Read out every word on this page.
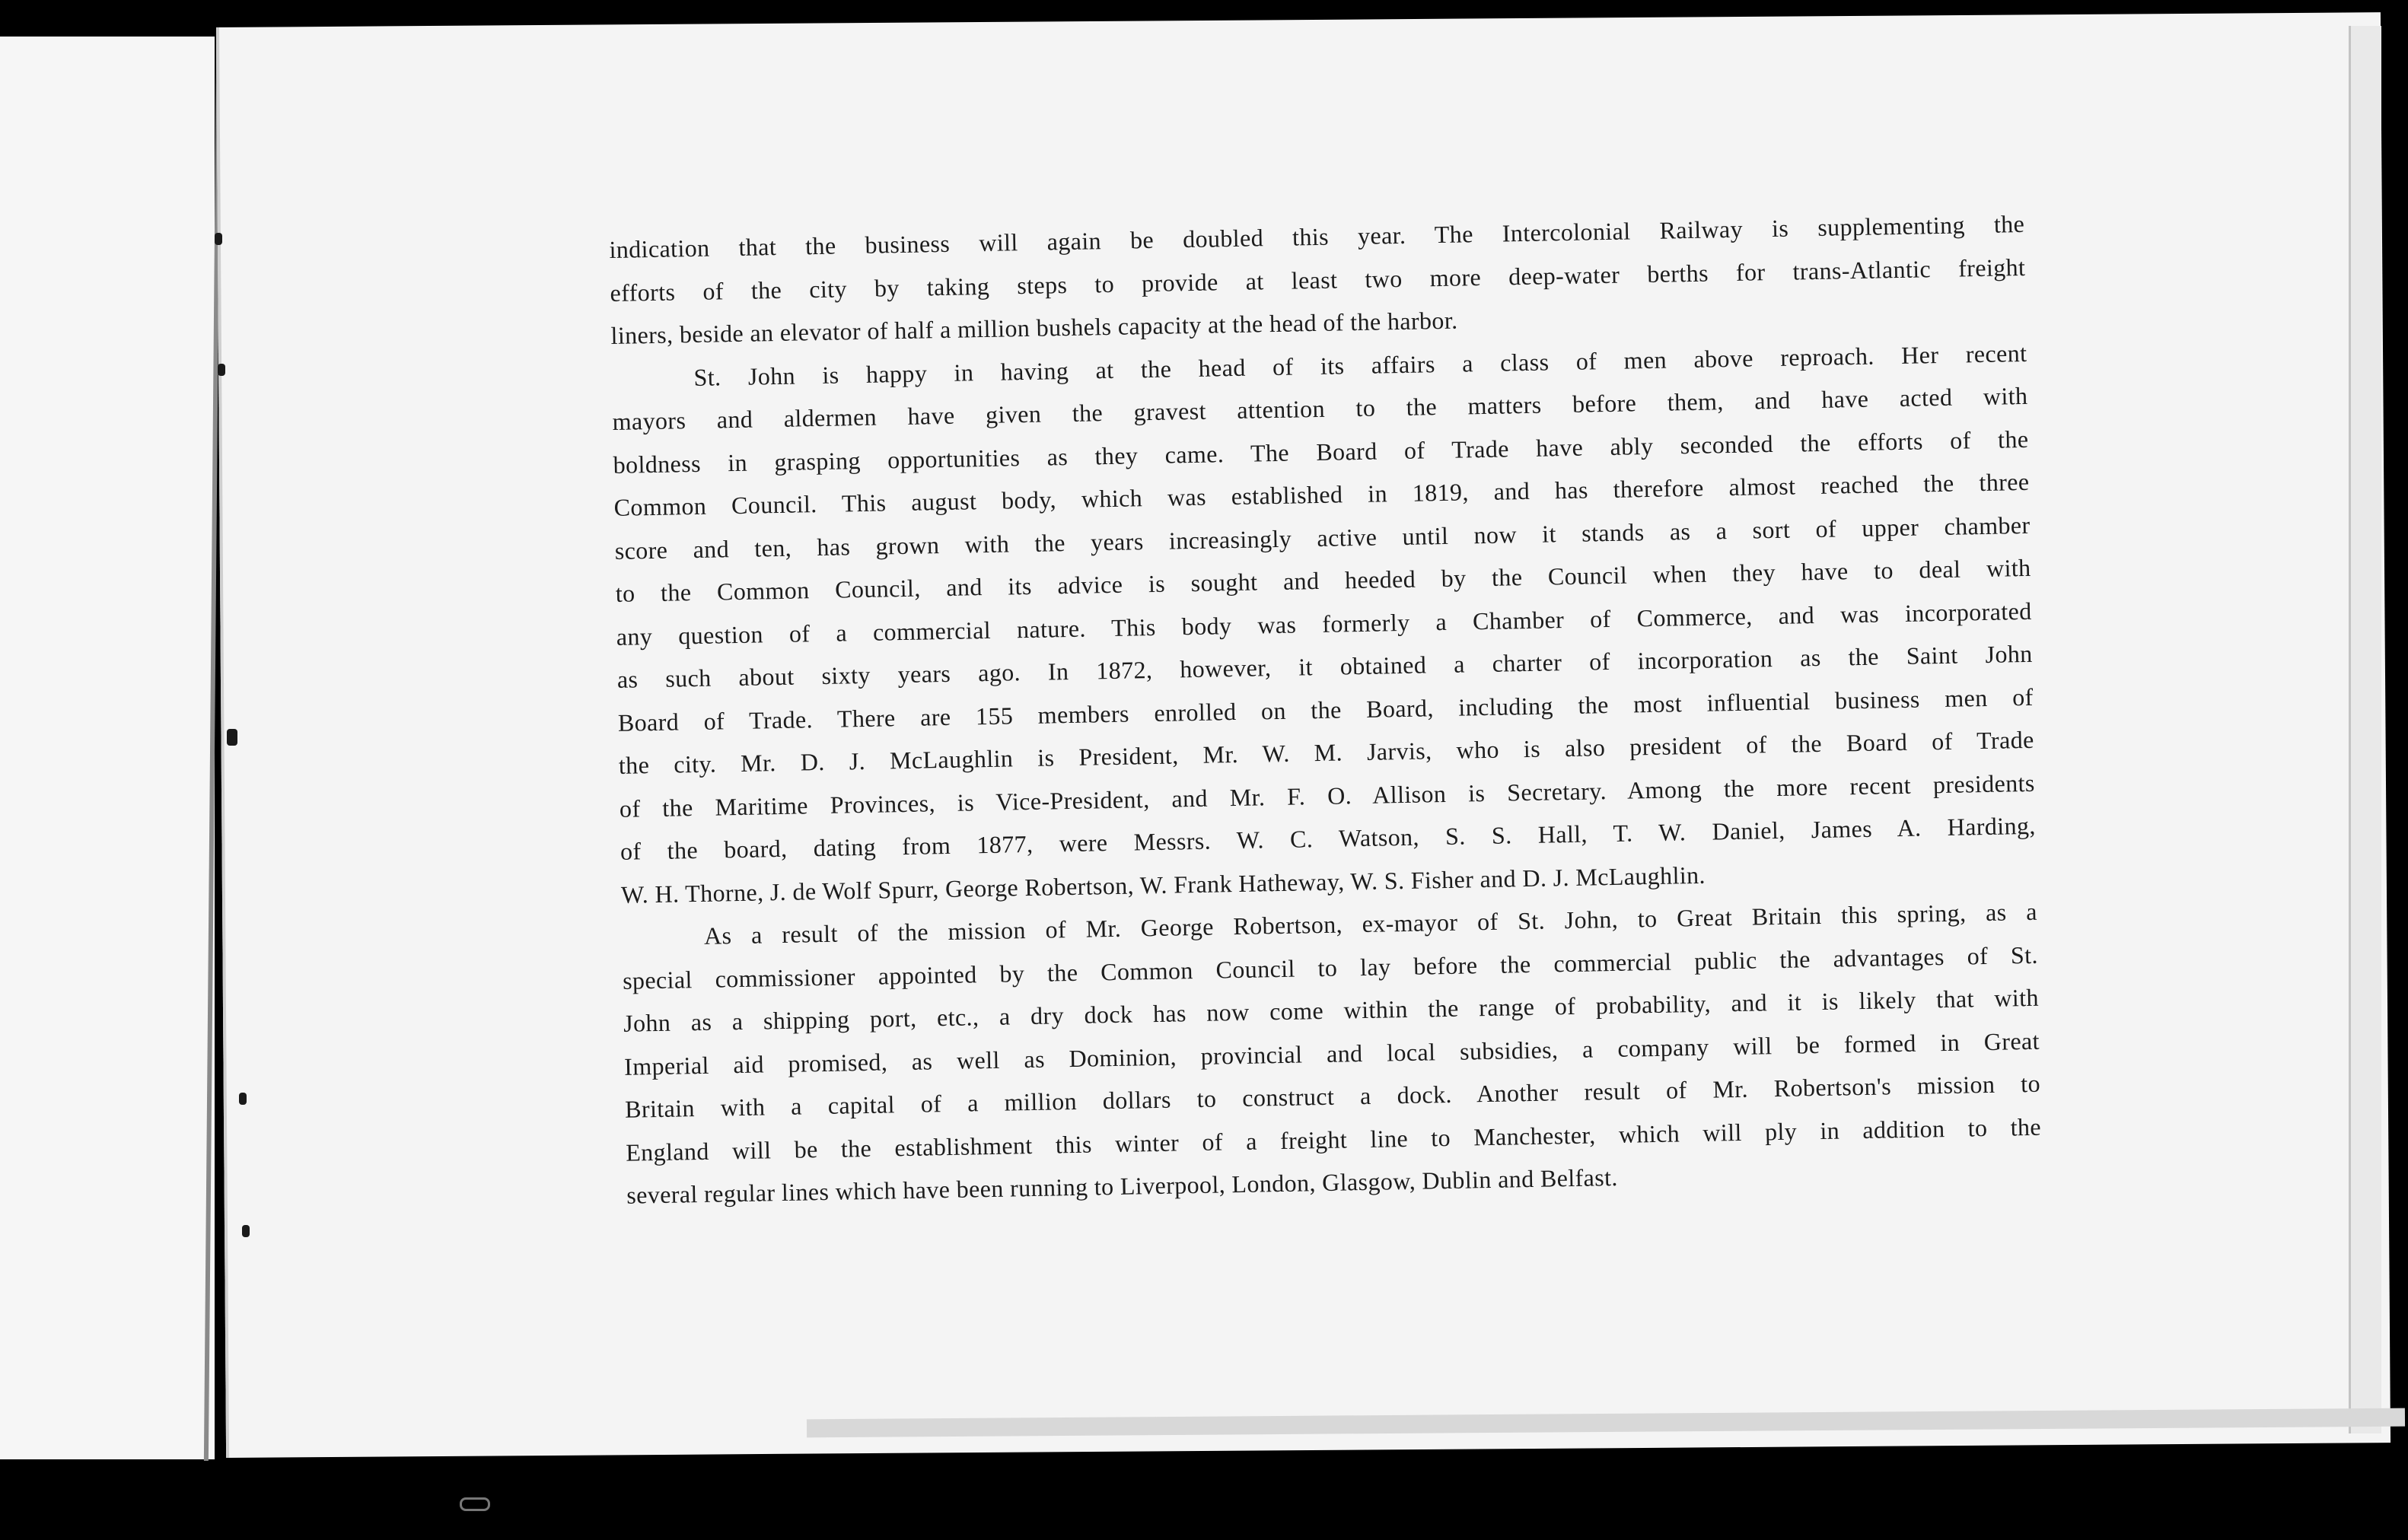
indication that the business will again be doubled this year. The Intercolonial Railway is supplementing the
efforts of the city by taking steps to provide at least two more deep-water berths for trans-Atlantic freight
liners, beside an elevator of half a million bushels capacity at the head of the harbor.
St. John is happy in having at the head of its affairs a class of men above reproach. Her recent
mayors and aldermen have given the gravest attention to the matters before them, and have acted with
boldness in grasping opportunities as they came. The Board of Trade have ably seconded the efforts of the
Common Council. This august body, which was established in 1819, and has therefore almost reached the three
score and ten, has grown with the years increasingly active until now it stands as a sort of upper chamber
to the Common Council, and its advice is sought and heeded by the Council when they have to deal with
any question of a commercial nature. This body was formerly a Chamber of Commerce, and was incorporated
as such about sixty years ago. In 1872, however, it obtained a charter of incorporation as the Saint John
Board of Trade. There are 155 members enrolled on the Board, including the most influential business men of
the city. Mr. D. J. McLaughlin is President, Mr. W. M. Jarvis, who is also president of the Board of Trade
of the Maritime Provinces, is Vice-President, and Mr. F. O. Allison is Secretary. Among the more recent presidents
of the board, dating from 1877, were Messrs. W. C. Watson, S. S. Hall, T. W. Daniel, James A. Harding,
W. H. Thorne, J. de Wolf Spurr, George Robertson, W. Frank Hatheway, W. S. Fisher and D. J. McLaughlin.
As a result of the mission of Mr. George Robertson, ex-mayor of St. John, to Great Britain this spring, as a
special commissioner appointed by the Common Council to lay before the commercial public the advantages of St.
John as a shipping port, etc., a dry dock has now come within the range of probability, and it is likely that with
Imperial aid promised, as well as Dominion, provincial and local subsidies, a company will be formed in Great
Britain with a capital of a million dollars to construct a dock. Another result of Mr. Robertson's mission to
England will be the establishment this winter of a freight line to Manchester, which will ply in addition to the
several regular lines which have been running to Liverpool, London, Glasgow, Dublin and Belfast.
